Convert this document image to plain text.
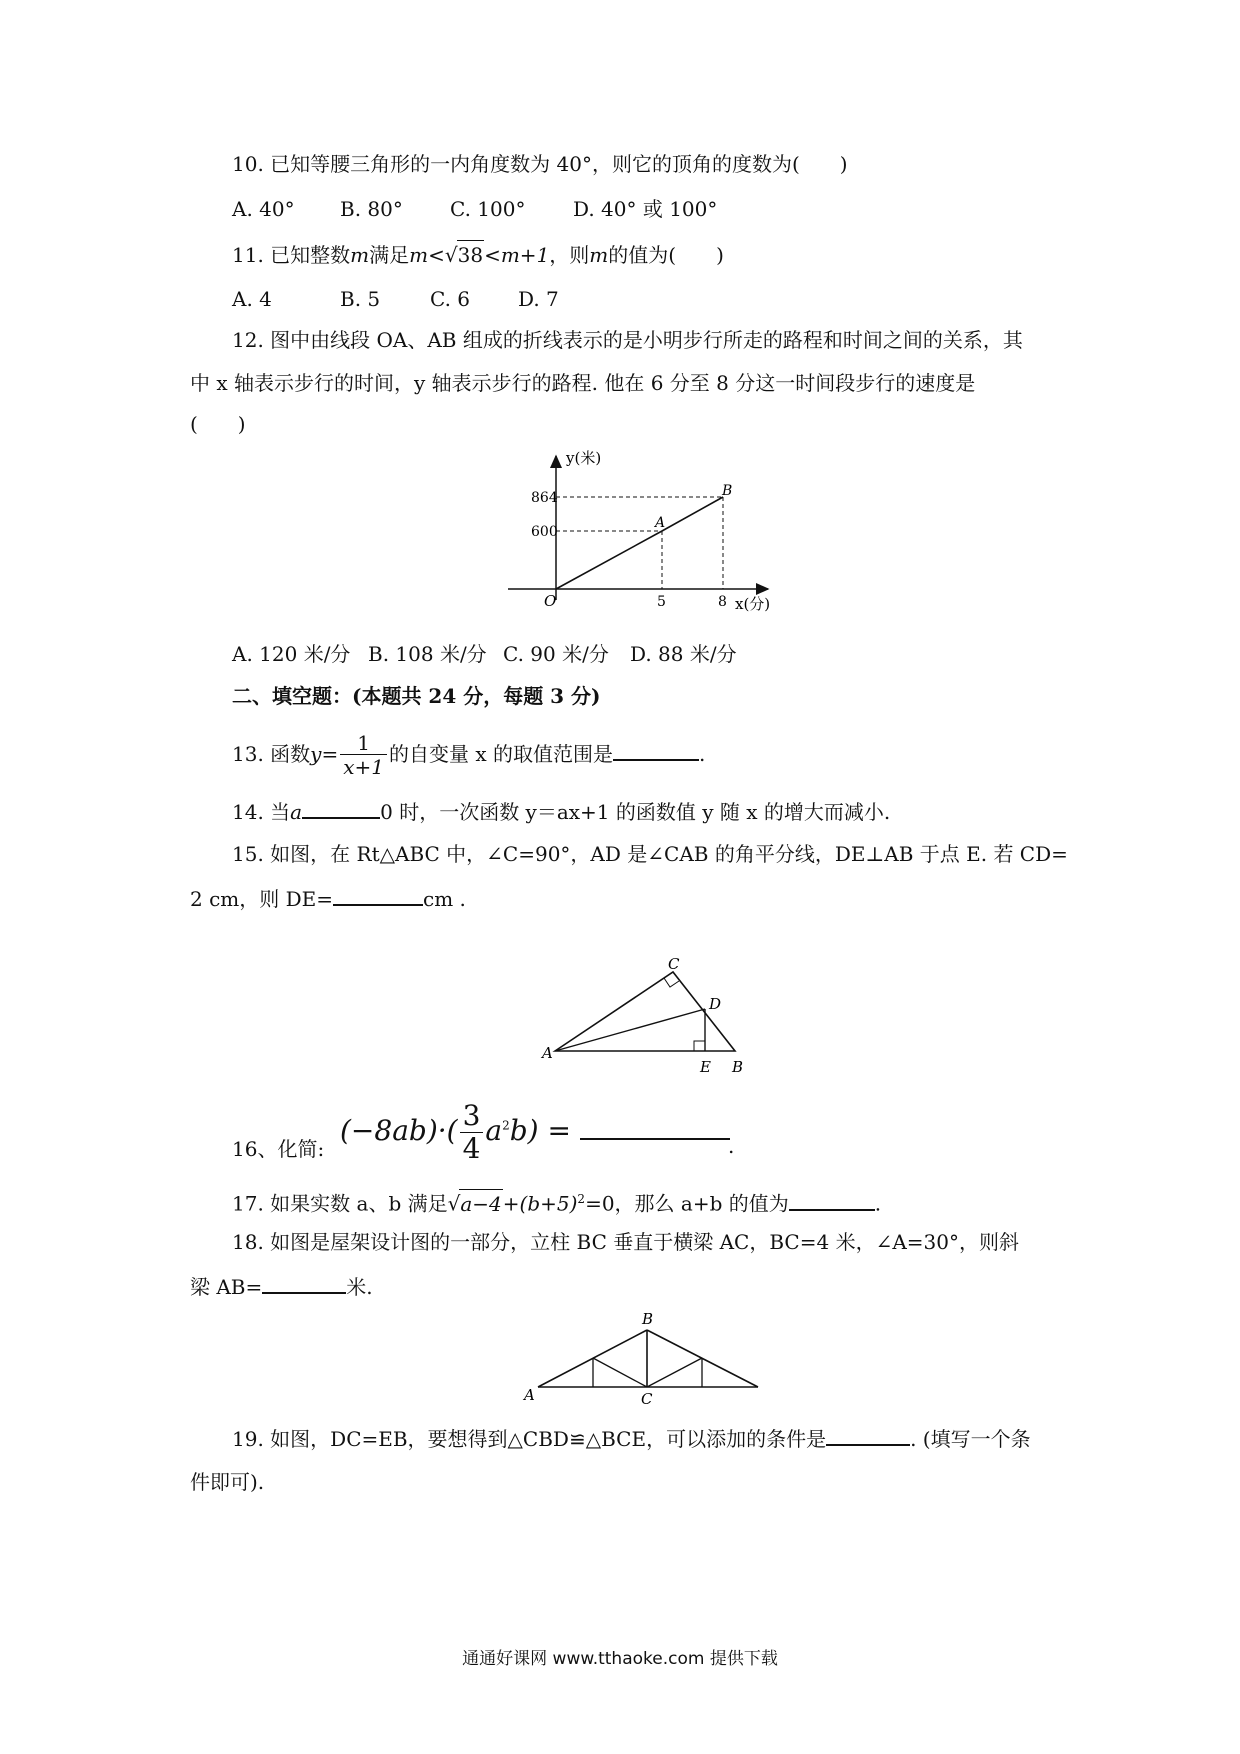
10. 已知等腰三角形的一内角度数为 40°，则它的顶角的度数为(　　)
A. 40° B. 80° C. 100° D. 40° 或 100°
11. 已知整数m满足m<√38<m+1，则m的值为(　　)
A. 4	B. 5 C. 6 D. 7
12. 图中由线段 OA、AB 组成的折线表示的是小明步行所走的路程和时间之间的关系，其
中 x 轴表示步行的时间，y 轴表示步行的路程. 他在 6 分至 8 分这一时间段步行的速度是
(　　)
y(米)
x(分)
O
864
600
5	8
A
B
A. 120 米/分 B. 108 米/分 C. 90 米/分 D. 88 米/分
二、填空题：(本题共 24 分，每题 3 分)
13. 函数$y= \frac{1}{x+1}$ 的自变量 x 的取值范围是	.
14. 当a	0 时，一次函数 y＝ax+1 的函数值 y 随 x 的增大而减小.
15. 如图，在 Rt△ABC 中，∠C=90°，AD 是∠CAB 的角平分线，DE⊥AB 于点 E. 若 CD=
2 cm，则 DE=	cm .
A
C
D
E B
16、化简:
$(-8ab)\cdot( \frac{3}{4} a^2b)$ =	.
17. 如果实数 a、b 满足$√a-4+(b+5)^2=0$，那么 a+b 的值为	.
18. 如图是屋架设计图的一部分，立柱 BC 垂直于横梁 AC，BC=4 米，∠A=30°，则斜
梁 AB=	米.
A
B
C
19. 如图，DC=EB，要想得到△CBD≌△BCE，可以添加的条件是	. (填写一个条
件即可).
通通好课网 www.tthaoke.com 提供下载
